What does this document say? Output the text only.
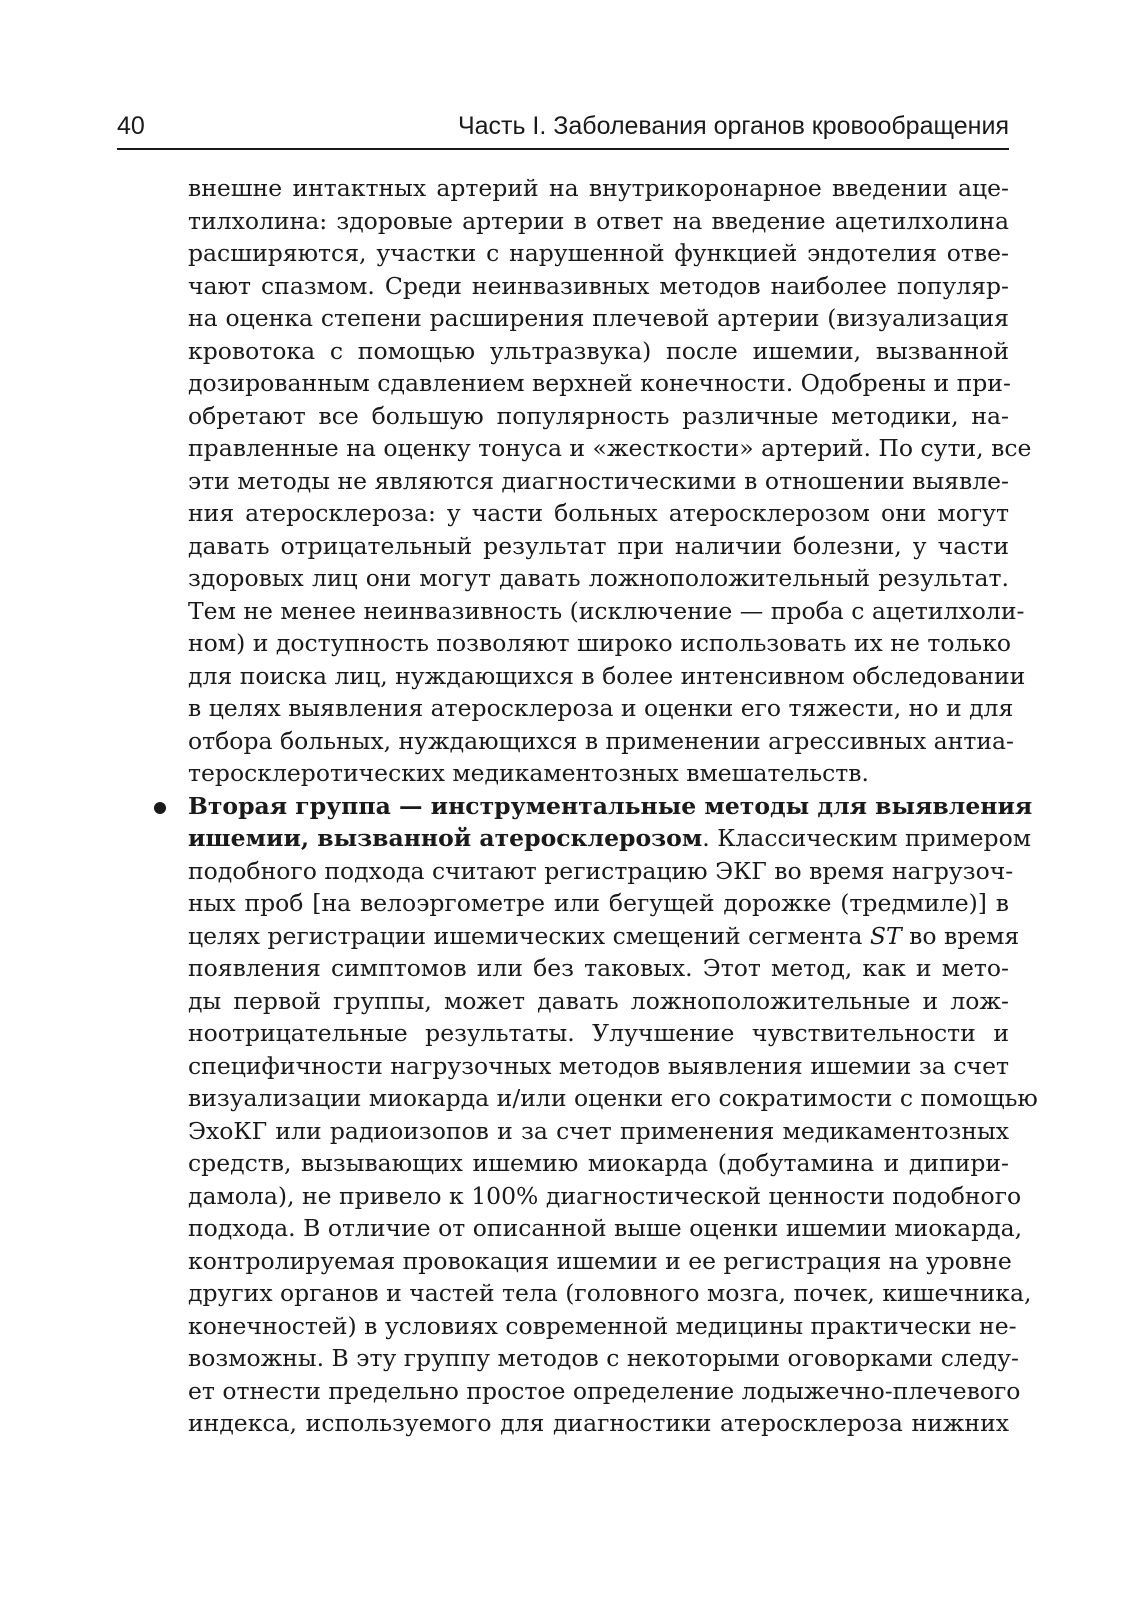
40	Часть I. Заболевания органов кровообращения
внешне интактных артерий на внутрикоронарное введении аце-
тилхолина: здоровые артерии в ответ на введение ацетилхолина
расширяются, участки с нарушенной функцией эндотелия отве-
чают спазмом. Среди неинвазивных методов наиболее популяр-
на оценка степени расширения плечевой артерии (визуализация
кровотока с помощью ультразвука) после ишемии, вызванной
дозированным сдавлением верхней конечности. Одобрены и при-
обретают все большую популярность различные методики, на-
правленные на оценку тонуса и «жесткости» артерий. По сути, все
эти методы не являются диагностическими в отношении выявле-
ния атеросклероза: у части больных атеросклерозом они могут
давать отрицательный результат при наличии болезни, у части
здоровых лиц они могут давать ложноположительный результат.
Тем не менее неинвазивность (исключение — проба с ацетилхоли-
ном) и доступность позволяют широко использовать их не только
для поиска лиц, нуждающихся в более интенсивном обследовании
в целях выявления атеросклероза и оценки его тяжести, но и для
отбора больных, нуждающихся в применении агрессивных антиа-
теросклеротических медикаментозных вмешательств.
Вторая группа — инструментальные методы для выявления
ишемии, вызванной атеросклерозом. Классическим примером
подобного подхода считают регистрацию ЭКГ во время нагрузоч-
ных проб [на велоэргометре или бегущей дорожке (тредмиле)] в
целях регистрации ишемических смещений сегмента ST во время
появления симптомов или без таковых. Этот метод, как и мето-
ды первой группы, может давать ложноположительные и лож-
ноотрицательные результаты. Улучшение чувствительности и
специфичности нагрузочных методов выявления ишемии за счет
визуализации миокарда и/или оценки его сократимости с помощью
ЭхоКГ или радиоизопов и за счет применения медикаментозных
средств, вызывающих ишемию миокарда (добутамина и дипири-
дамола), не привело к 100% диагностической ценности подобного
подхода. В отличие от описанной выше оценки ишемии миокарда,
контролируемая провокация ишемии и ее регистрация на уровне
других органов и частей тела (головного мозга, почек, кишечника,
конечностей) в условиях современной медицины практически не-
возможны. В эту группу методов с некоторыми оговорками следу-
ет отнести предельно простое определение лодыжечно-плечевого
индекса, используемого для диагностики атеросклероза нижних
